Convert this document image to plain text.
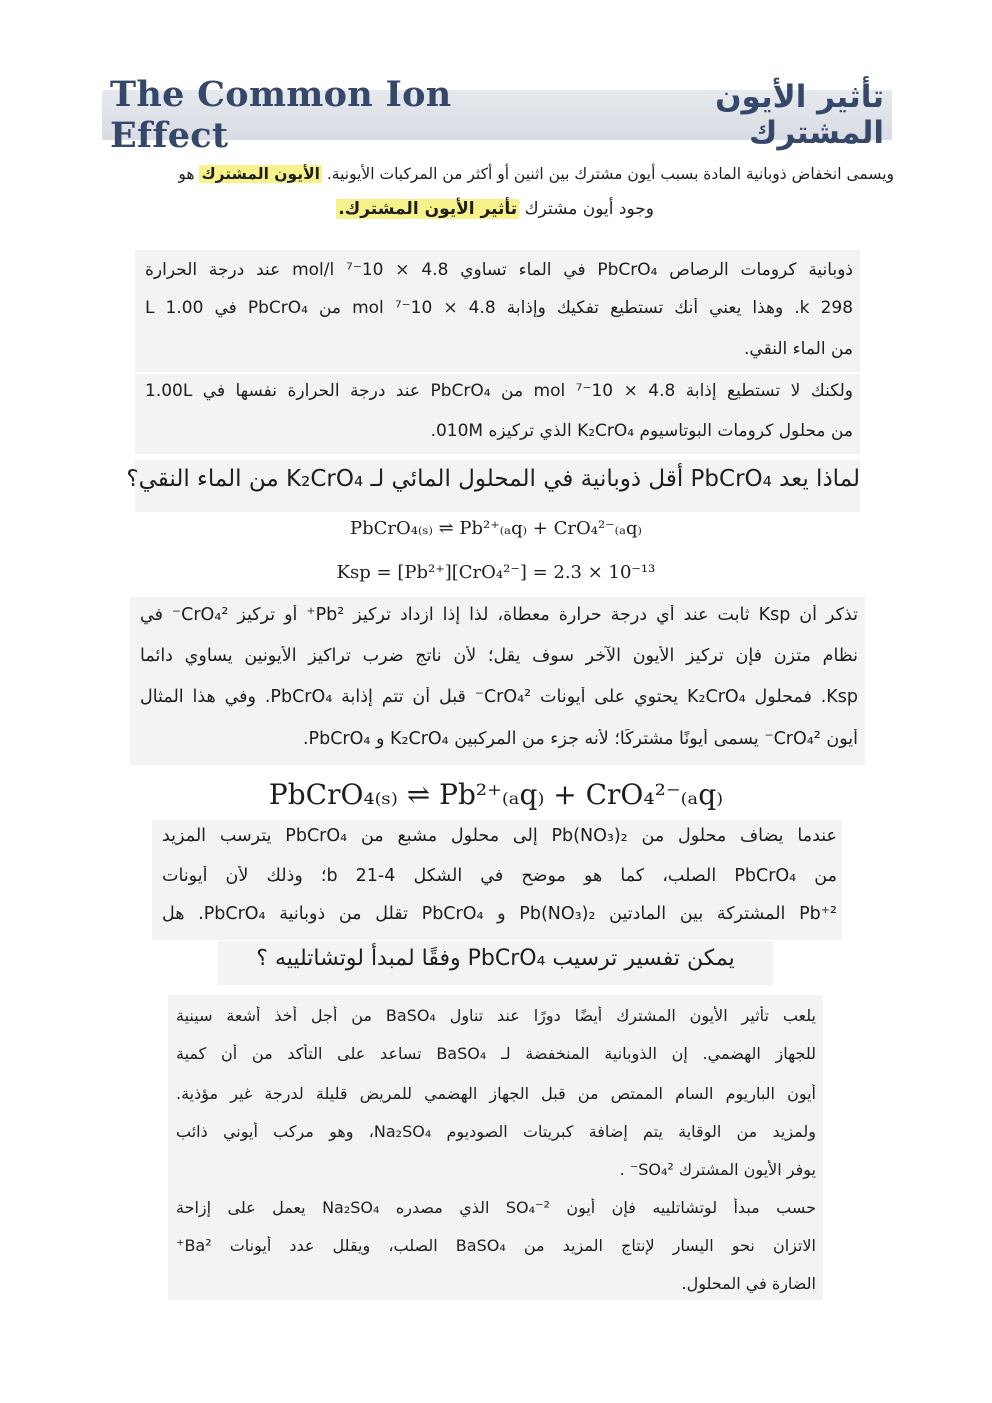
The Common Ion Effect
تأثير الأيون المشترك
ويسمى انخفاض ذوبانية المادة بسبب أيون مشترك بين اثنين أو أكثر من المركبات الأيونية. الأيون المشترك هو
وجود أيون مشترك تأثير الأيون المشترك.
ذوبانية كرومات الرصاص PbCrO₄ في الماء تساوي 4.8 × 10⁻⁷ mol/l عند درجة الحرارة
298 k. وهذا يعني أنك تستطيع تفكيك وإذابة 4.8 × 10⁻⁷ mol من PbCrO₄ في 1.00 L
من الماء النقي.
ولكنك لا تستطيع إذابة 4.8 × 10⁻⁷ mol من PbCrO₄ عند درجة الحرارة نفسها في 1.00L
من محلول كرومات البوتاسيوم K₂CrO₄ الذي تركيزه 010M.
لماذا يعد PbCrO₄ أقل ذوبانية في المحلول المائي لـ K₂CrO₄ من الماء النقي؟
PbCrO₄₍ₛ₎ ⇌ Pb²⁺₍ₐq₎ + CrO₄²⁻₍ₐq₎
Ksp = [Pb²⁺][CrO₄²⁻] = 2.3 × 10⁻¹³
تذكر أن Ksp ثابت عند أي درجة حرارة معطاة، لذا إذا ازداد تركيز Pb²⁺ أو تركيز CrO₄²⁻ في
نظام متزن فإن تركيز الأيون الآخر سوف يقل؛ لأن ناتج ضرب تراكيز الأيونين يساوي دائما
Ksp. فمحلول K₂CrO₄ يحتوي على أيونات CrO₄²⁻ قبل أن تتم إذابة PbCrO₄. وفي هذا المثال
أيون CrO₄²⁻ يسمى أيونًا مشتركًا؛ لأنه جزء من المركبين K₂CrO₄ و PbCrO₄.
PbCrO₄₍ₛ₎ ⇌ Pb²⁺₍ₐq₎ + CrO₄²⁻₍ₐq₎
عندما يضاف محلول من Pb(NO₃)₂ إلى محلول مشبع من PbCrO₄ يترسب المزيد
من PbCrO₄ الصلب، كما هو موضح في الشكل b 21-4؛ وذلك لأن أيونات
Pb⁺² المشتركة بين المادتين Pb(NO₃)₂ و PbCrO₄ تقلل من ذوبانية PbCrO₄. هل
يمكن تفسير ترسيب PbCrO₄ وفقًا لمبدأ لوتشاتلييه ؟
يلعب تأثير الأيون المشترك أيضًا دورًا عند تناول BaSO₄ من أجل أخذ أشعة سينية
للجهاز الهضمي. إن الذوبانية المنخفضة لـ BaSO₄ تساعد على التأكد من أن كمية
أيون الباريوم السام الممتص من قبل الجهاز الهضمي للمريض قليلة لدرجة غير مؤذية.
ولمزيد من الوقاية يتم إضافة كبريتات الصوديوم Na₂SO₄، وهو مركب أيوني ذائب
يوفر الأيون المشترك SO₄²⁻ .
حسب مبدأ لوتشاتلييه فإن أيون SO₄⁻² الذي مصدره Na₂SO₄ يعمل على إزاحة
الاتزان نحو اليسار لإنتاج المزيد من BaSO₄ الصلب، ويقلل عدد أيونات Ba²⁺
الضارة في المحلول.
